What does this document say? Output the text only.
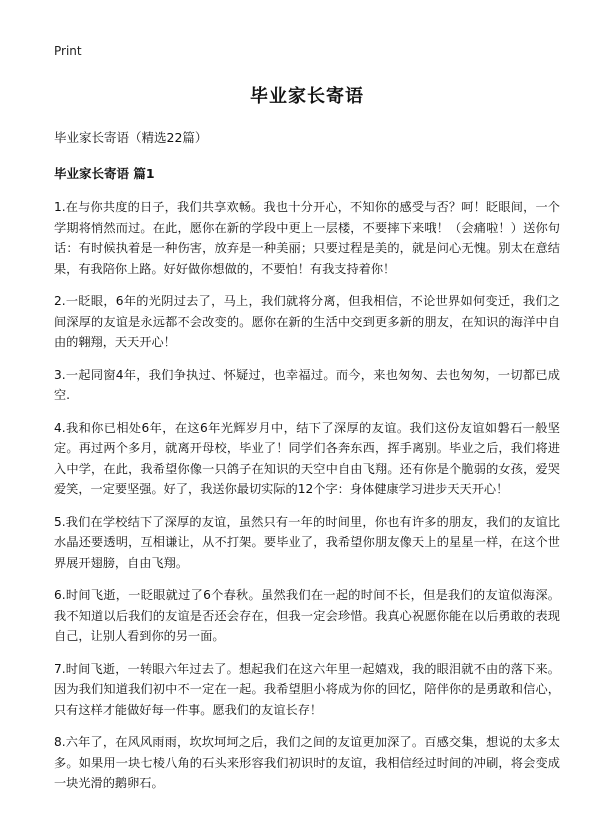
Print
毕业家长寄语

毕业家长寄语（精选22篇）

毕业家长寄语 篇1

1.在与你共度的日子，我们共享欢畅。我也十分开心，不知你的感受与否？呵！眨眼间，一个学期将悄然而过。在此，愿你在新的学段中更上一层楼，不要摔下来哦！（会痛啦！）送你句话：有时候执着是一种伤害，放弃是一种美丽；只要过程是美的，就是问心无愧。别太在意结果，有我陪你上路。好好做你想做的，不要怕！有我支持着你！

2.一眨眼，6年的光阴过去了，马上，我们就将分离，但我相信，不论世界如何变迁，我们之间深厚的友谊是永远都不会改变的。愿你在新的生活中交到更多新的朋友，在知识的海洋中自由的翱翔，天天开心！

3.一起同窗4年，我们争执过、怀疑过，也幸福过。而今，来也匆匆、去也匆匆，一切都已成空.

4.我和你已相处6年，在这6年光辉岁月中，结下了深厚的友谊。我们这份友谊如磐石一般坚定。再过两个多月，就离开母校，毕业了！同学们各奔东西，挥手离别。毕业之后，我们将进入中学，在此，我希望你像一只鸽子在知识的天空中自由飞翔。还有你是个脆弱的女孩，爱哭爱笑，一定要坚强。好了，我送你最切实际的12个字：身体健康学习进步天天开心！

5.我们在学校结下了深厚的友谊，虽然只有一年的时间里，你也有许多的朋友，我们的友谊比水晶还要透明，互相谦让，从不打架。要毕业了，我希望你朋友像天上的星星一样，在这个世界展开翅膀，自由飞翔。

6.时间飞逝，一眨眼就过了6个春秋。虽然我们在一起的时间不长，但是我们的友谊似海深。我不知道以后我们的友谊是否还会存在，但我一定会珍惜。我真心祝愿你能在以后勇敢的表现自己，让别人看到你的另一面。

7.时间飞逝，一转眼六年过去了。想起我们在这六年里一起嬉戏，我的眼泪就不由的落下来。因为我们知道我们初中不一定在一起。我希望胆小将成为你的回忆，陪伴你的是勇敢和信心，只有这样才能做好每一件事。愿我们的友谊长存！

8.六年了，在风风雨雨，坎坎坷坷之后，我们之间的友谊更加深了。百感交集，想说的太多太多。如果用一块七棱八角的石头来形容我们初识时的友谊，我相信经过时间的冲刷，将会变成一块光滑的鹅卵石。
